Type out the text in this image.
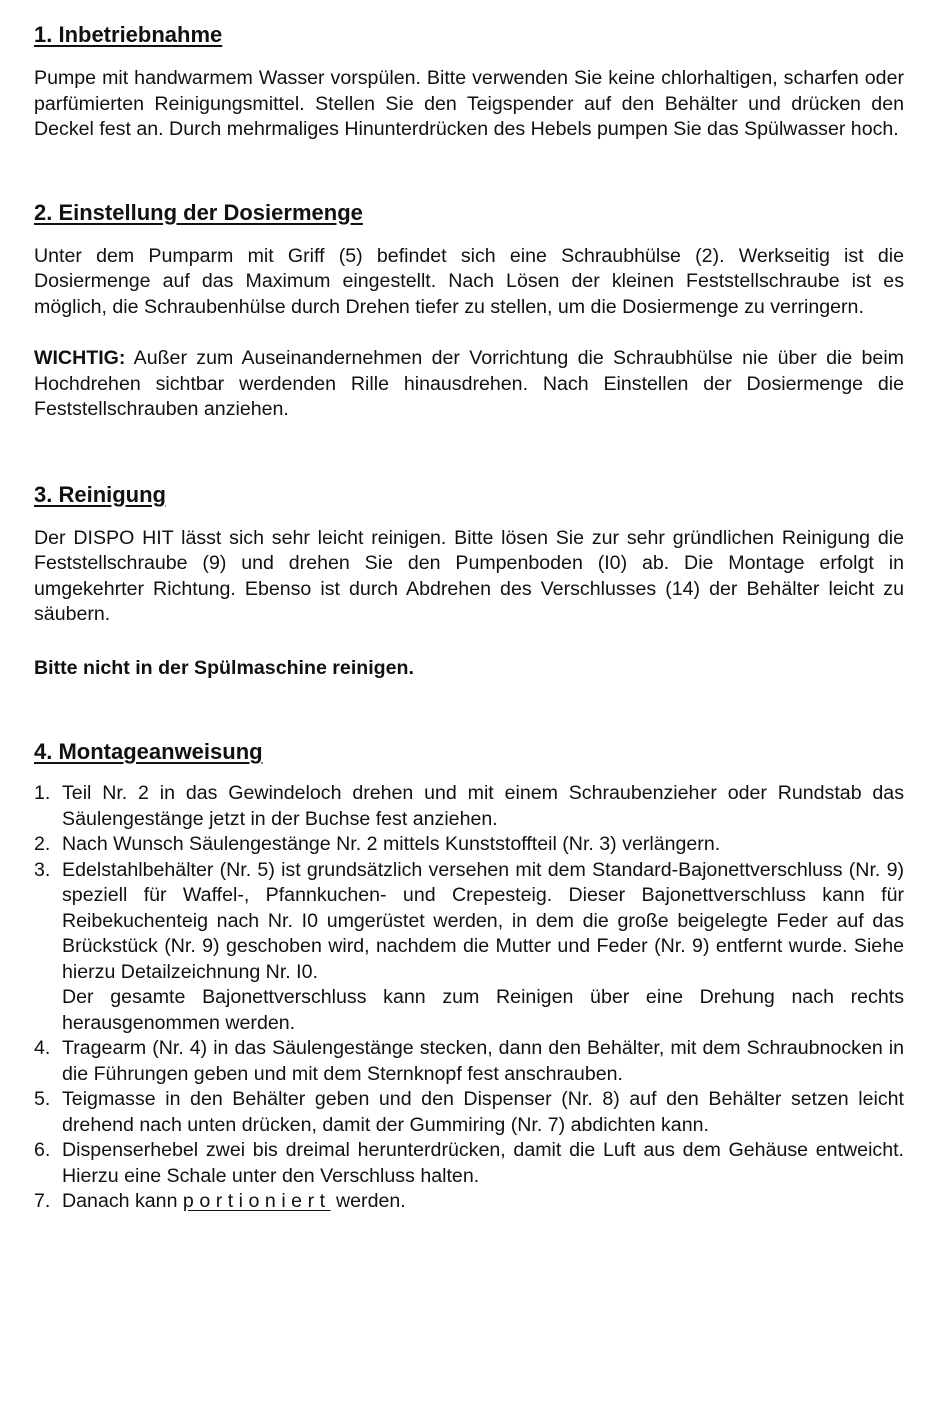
1. Inbetriebnahme

Pumpe mit handwarmem Wasser vorspülen. Bitte verwenden Sie keine chlorhaltigen, scharfen oder parfümierten Reinigungsmittel. Stellen Sie den Teigspender auf den Behälter und drücken den Deckel fest an. Durch mehrmaliges Hinunterdrücken des Hebels pumpen Sie das Spülwasser hoch.

2. Einstellung der Dosiermenge

Unter dem Pumparm mit Griff (5) befindet sich eine Schraubhülse (2). Werkseitig ist die Dosiermenge auf das Maximum eingestellt. Nach Lösen der kleinen Feststellschraube ist es möglich, die Schraubenhülse durch Drehen tiefer zu stellen, um die Dosiermenge zu verringern.

WICHTIG: Außer zum Auseinandernehmen der Vorrichtung die Schraubhülse nie über die beim Hochdrehen sichtbar werdenden Rille hinausdrehen. Nach Einstellen der Dosiermenge die Feststellschrauben anziehen.

3. Reinigung

Der DISPO HIT lässt sich sehr leicht reinigen. Bitte lösen Sie zur sehr gründlichen Reinigung die Feststellschraube (9) und drehen Sie den Pumpenboden (I0) ab. Die Montage erfolgt in umgekehrter Richtung. Ebenso ist durch Abdrehen des Verschlusses (14) der Behälter leicht zu säubern.

Bitte nicht in der Spülmaschine reinigen.

4. Montageanweisung
1. Teil Nr. 2 in das Gewindeloch drehen und mit einem Schraubenzieher oder Rundstab das Säulengestänge jetzt in der Buchse fest anziehen.
2. Nach Wunsch Säulengestänge Nr. 2 mittels Kunststoffteil (Nr. 3) verlängern.
3. Edelstahlbehälter (Nr. 5) ist grundsätzlich versehen mit dem Standard-Bajonettverschluss (Nr. 9) speziell für Waffel-, Pfannkuchen- und Crepesteig. Dieser Bajonettverschluss kann für Reibekuchenteig nach Nr. I0 umgerüstet werden, in dem die große beigelegte Feder auf das Brückstück (Nr. 9) geschoben wird, nachdem die Mutter und Feder (Nr. 9) entfernt wurde. Siehe hierzu Detailzeichnung Nr. I0.
Der gesamte Bajonettverschluss kann zum Reinigen über eine Drehung nach rechts herausgenommen werden.
4. Tragearm (Nr. 4) in das Säulengestänge stecken, dann den Behälter, mit dem Schraubnocken in die Führungen geben und mit dem Sternknopf fest anschrauben.
5. Teigmasse in den Behälter geben und den Dispenser (Nr. 8) auf den Behälter setzen leicht drehend nach unten drücken, damit der Gummiring (Nr. 7) abdichten kann.
6. Dispenserhebel zwei bis dreimal herunterdrücken, damit die Luft aus dem Gehäuse entweicht. Hierzu eine Schale unter den Verschluss halten.
7. Danach kann portioniert werden.
